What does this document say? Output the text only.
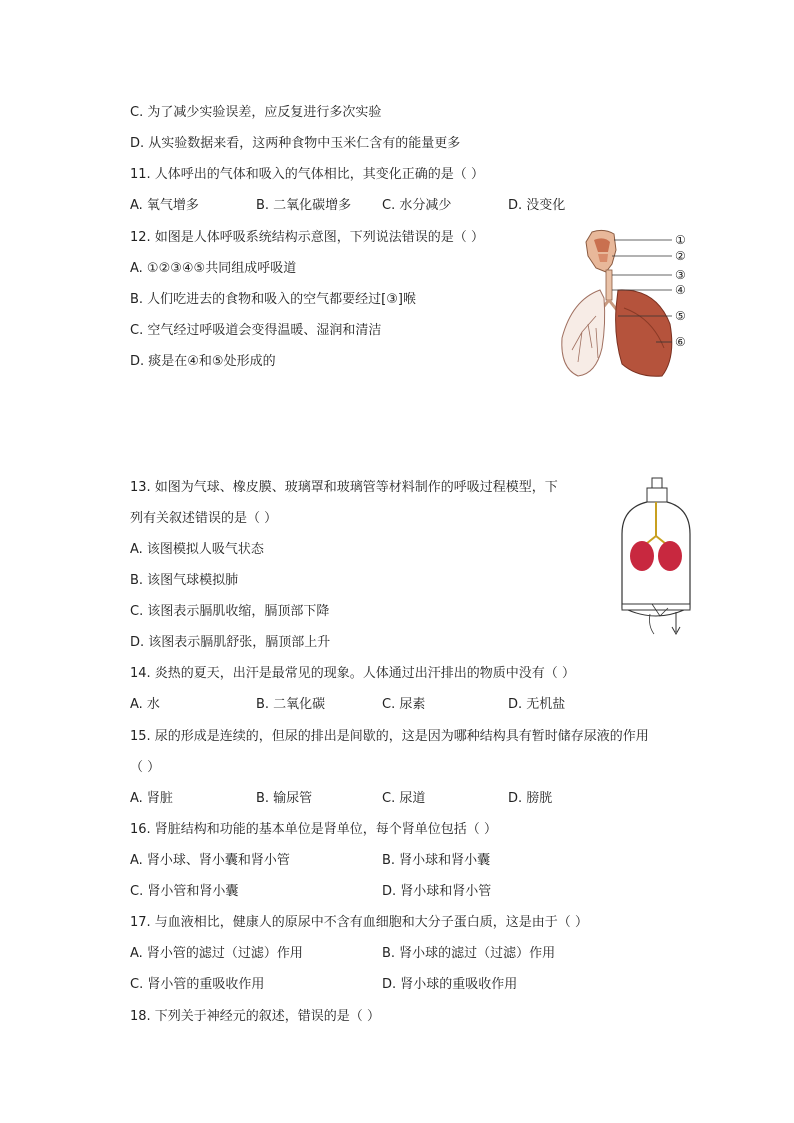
C. 为了减少实验误差，应反复进行多次实验
D. 从实验数据来看，这两种食物中玉米仁含有的能量更多
11. 人体呼出的气体和吸入的气体相比，其变化正确的是（ ）
A. 氧气增多	B. 二氧化碳增多 C. 水分减少	D. 没变化
12. 如图是人体呼吸系统结构示意图，下列说法错误的是（ ）
A. ①②③④⑤共同组成呼吸道
B. 人们吃进去的食物和吸入的空气都要经过[③]喉
C. 空气经过呼吸道会变得温暖、湿润和清洁
D. 痰是在④和⑤处形成的
①
②
③
④
⑤
⑥
13. 如图为气球、橡皮膜、玻璃罩和玻璃管等材料制作的呼吸过程模型，下
列有关叙述错误的是（ ）
A. 该图模拟人吸气状态
B. 该图气球模拟肺
C. 该图表示膈肌收缩，膈顶部下降
D. 该图表示膈肌舒张，膈顶部上升
14. 炎热的夏天，出汗是最常见的现象。人体通过出汗排出的物质中没有（ ）
A. 水	B. 二氧化碳	C. 尿素	D. 无机盐
15. 尿的形成是连续的，但尿的排出是间歇的，这是因为哪种结构具有暂时储存尿液的作用
（ ）
A. 肾脏	B. 输尿管	C. 尿道	D. 膀胱
16. 肾脏结构和功能的基本单位是肾单位，每个肾单位包括（ ）
A. 肾小球、肾小囊和肾小管	B. 肾小球和肾小囊
C. 肾小管和肾小囊	D. 肾小球和肾小管
17. 与血液相比，健康人的原尿中不含有血细胞和大分子蛋白质，这是由于（ ）
A. 肾小管的滤过（过滤）作用	B. 肾小球的滤过（过滤）作用
C. 肾小管的重吸收作用	D. 肾小球的重吸收作用
18. 下列关于神经元的叙述，错误的是（ ）
